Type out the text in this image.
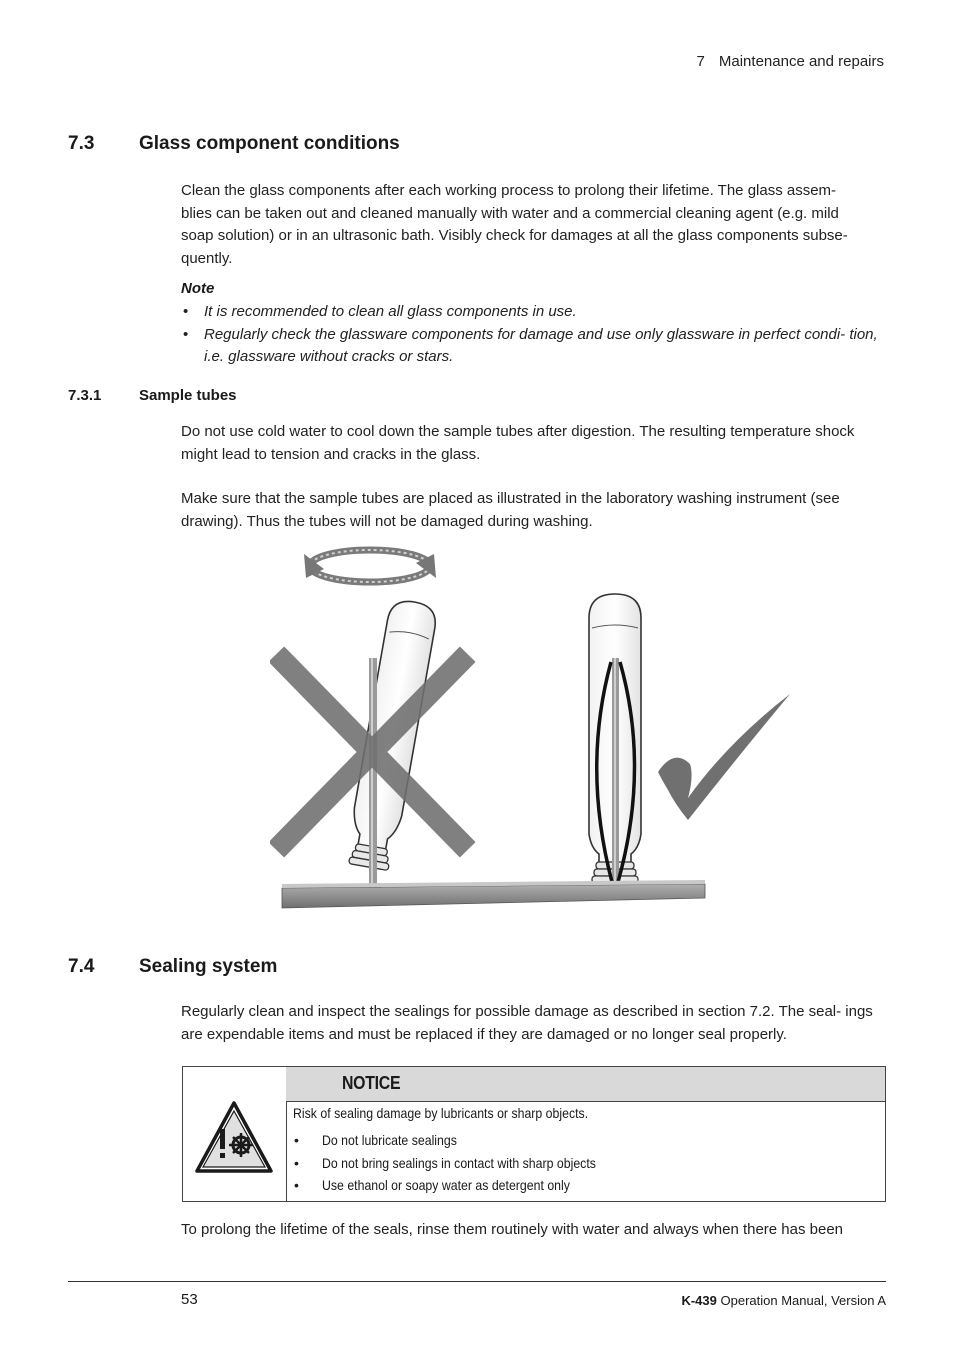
7 Maintenance and repairs
7.3 Glass component conditions
Clean the glass components after each working process to prolong their lifetime. The glass assem-
blies can be taken out and cleaned manually with water and a commercial cleaning agent (e.g. mild
soap solution) or in an ultrasonic bath. Visibly check for damages at all the glass components subse-
quently.
Note
• It is recommended to clean all glass components in use.
• Regularly check the glassware components for damage and use only glassware in perfect condi- tion, i.e. glassware without cracks or stars.
7.3.1	Sample tubes

Do not use cold water to cool down the sample tubes after digestion. The resulting temperature shock might lead to tension and cracks in the glass.

Make sure that the sample tubes are placed as illustrated in the laboratory washing instrument (see drawing). Thus the tubes will not be damaged during washing.

7.4 Sealing system

Regularly clean and inspect the sealings for possible damage as described in section 7.2. The seal- ings are expendable items and must be replaced if they are damaged or no longer seal properly.

NOTICE
Risk of sealing damage by lubricants or sharp objects.
• Do not lubricate sealings
• Do not bring sealings in contact with sharp objects
• Use ethanol or soapy water as detergent only

To prolong the lifetime of the seals, rinse them routinely with water and always when there has been

53	K-439 Operation Manual, Version A
